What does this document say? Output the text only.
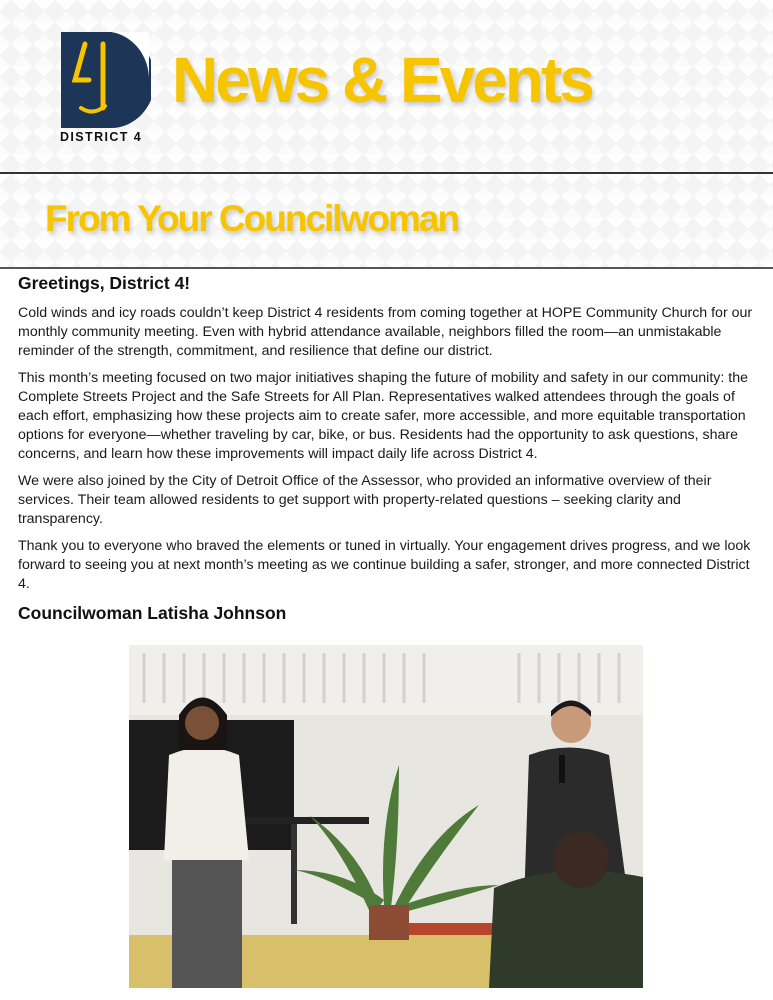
DISTRICT 4
News & Events
From Your Councilwoman
Greetings, District 4!

Cold winds and icy roads couldn’t keep District 4 residents from coming together at HOPE Community Church for our monthly community meeting. Even with hybrid attendance available, neighbors filled the room—an unmistakable reminder of the strength, commitment, and resilience that define our district.

This month’s meeting focused on two major initiatives shaping the future of mobility and safety in our community: the Complete Streets Project and the Safe Streets for All Plan. Representatives walked attendees through the goals of each effort, emphasizing how these projects aim to create safer, more accessible, and more equitable transportation options for everyone—whether traveling by car, bike, or bus. Residents had the opportunity to ask questions, share concerns, and learn how these improvements will impact daily life across District 4.

We were also joined by the City of Detroit Office of the Assessor, who provided an informative overview of their services. Their team allowed residents to get support with property-related questions – seeking clarity and transparency.

Thank you to everyone who braved the elements or tuned in virtually. Your engagement drives progress, and we look forward to seeing you at next month’s meeting as we continue building a safer, stronger, and more connected District 4.

Councilwoman Latisha Johnson
